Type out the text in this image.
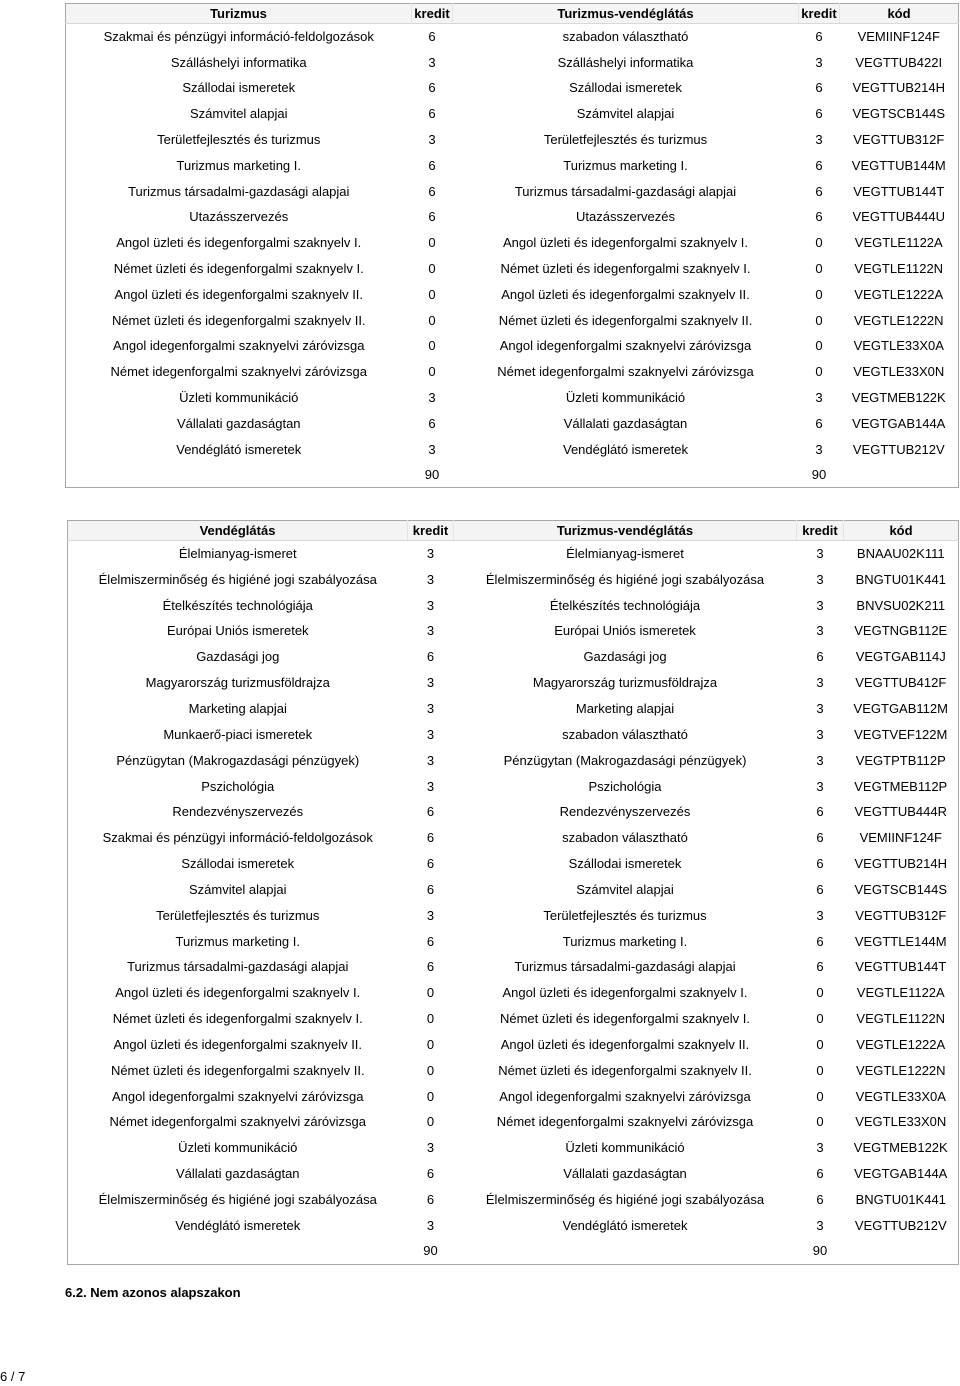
Turizmus	kredit	Turizmus-vendéglátás	kredit	kód
Szakmai és pénzügyi információ-feldolgozások	6	szabadon választható	6	VEMIINF124F
Szálláshelyi informatika	3	Szálláshelyi informatika	3	VEGTTUB422I
Szállodai ismeretek	6	Szállodai ismeretek	6	VEGTTUB214H
Számvitel alapjai	6	Számvitel alapjai	6	VEGTSCB144S
Területfejlesztés és turizmus	3	Területfejlesztés és turizmus	3	VEGTTUB312F
Turizmus marketing I.	6	Turizmus marketing I.	6	VEGTTUB144M
Turizmus társadalmi-gazdasági alapjai	6	Turizmus társadalmi-gazdasági alapjai	6	VEGTTUB144T
Utazásszervezés	6	Utazásszervezés	6	VEGTTUB444U
Angol üzleti és idegenforgalmi szaknyelv I.	0	Angol üzleti és idegenforgalmi szaknyelv I.	0	VEGTLE1122A
Német üzleti és idegenforgalmi szaknyelv I.	0	Német üzleti és idegenforgalmi szaknyelv I.	0	VEGTLE1122N
Angol üzleti és idegenforgalmi szaknyelv II.	0	Angol üzleti és idegenforgalmi szaknyelv II.	0	VEGTLE1222A
Német üzleti és idegenforgalmi szaknyelv II.	0	Német üzleti és idegenforgalmi szaknyelv II.	0	VEGTLE1222N
Angol idegenforgalmi szaknyelvi záróvizsga	0	Angol idegenforgalmi szaknyelvi záróvizsga	0	VEGTLE33X0A
Német idegenforgalmi szaknyelvi záróvizsga	0	Német idegenforgalmi szaknyelvi záróvizsga	0	VEGTLE33X0N
Üzleti kommunikáció	3	Üzleti kommunikáció	3	VEGTMEB122K
Vállalati gazdaságtan	6	Vállalati gazdaságtan	6	VEGTGAB144A
Vendéglátó ismeretek	3	Vendéglátó ismeretek	3	VEGTTUB212V
	90		90	
Vendéglátás	kredit	Turizmus-vendéglátás	kredit	kód
Élelmianyag-ismeret	3	Élelmianyag-ismeret	3	BNAAU02K111
Élelmiszerminőség és higiéné jogi szabályozása	3	Élelmiszerminőség és higiéné jogi szabályozása	3	BNGTU01K441
Ételkészítés technológiája	3	Ételkészítés technológiája	3	BNVSU02K211
Európai Uniós ismeretek	3	Európai Uniós ismeretek	3	VEGTNGB112E
Gazdasági jog	6	Gazdasági jog	6	VEGTGAB114J
Magyarország turizmusföldrajza	3	Magyarország turizmusföldrajza	3	VEGTTUB412F
Marketing alapjai	3	Marketing alapjai	3	VEGTGAB112M
Munkaerő-piaci ismeretek	3	szabadon választható	3	VEGTVEF122M
Pénzügytan (Makrogazdasági pénzügyek)	3	Pénzügytan (Makrogazdasági pénzügyek)	3	VEGTPTB112P
Pszichológia	3	Pszichológia	3	VEGTMEB112P
Rendezvényszervezés	6	Rendezvényszervezés	6	VEGTTUB444R
Szakmai és pénzügyi információ-feldolgozások	6	szabadon választható	6	VEMIINF124F
Szállodai ismeretek	6	Szállodai ismeretek	6	VEGTTUB214H
Számvitel alapjai	6	Számvitel alapjai	6	VEGTSCB144S
Területfejlesztés és turizmus	3	Területfejlesztés és turizmus	3	VEGTTUB312F
Turizmus marketing I.	6	Turizmus marketing I.	6	VEGTTLE144M
Turizmus társadalmi-gazdasági alapjai	6	Turizmus társadalmi-gazdasági alapjai	6	VEGTTUB144T
Angol üzleti és idegenforgalmi szaknyelv I.	0	Angol üzleti és idegenforgalmi szaknyelv I.	0	VEGTLE1122A
Német üzleti és idegenforgalmi szaknyelv I.	0	Német üzleti és idegenforgalmi szaknyelv I.	0	VEGTLE1122N
Angol üzleti és idegenforgalmi szaknyelv II.	0	Angol üzleti és idegenforgalmi szaknyelv II.	0	VEGTLE1222A
Német üzleti és idegenforgalmi szaknyelv II.	0	Német üzleti és idegenforgalmi szaknyelv II.	0	VEGTLE1222N
Angol idegenforgalmi szaknyelvi záróvizsga	0	Angol idegenforgalmi szaknyelvi záróvizsga	0	VEGTLE33X0A
Német idegenforgalmi szaknyelvi záróvizsga	0	Német idegenforgalmi szaknyelvi záróvizsga	0	VEGTLE33X0N
Üzleti kommunikáció	3	Üzleti kommunikáció	3	VEGTMEB122K
Vállalati gazdaságtan	6	Vállalati gazdaságtan	6	VEGTGAB144A
Élelmiszerminőség és higiéné jogi szabályozása	6	Élelmiszerminőség és higiéné jogi szabályozása	6	BNGTU01K441
Vendéglátó ismeretek	3	Vendéglátó ismeretek	3	VEGTTUB212V
	90		90	
6.2. Nem azonos alapszakon
6 / 7
